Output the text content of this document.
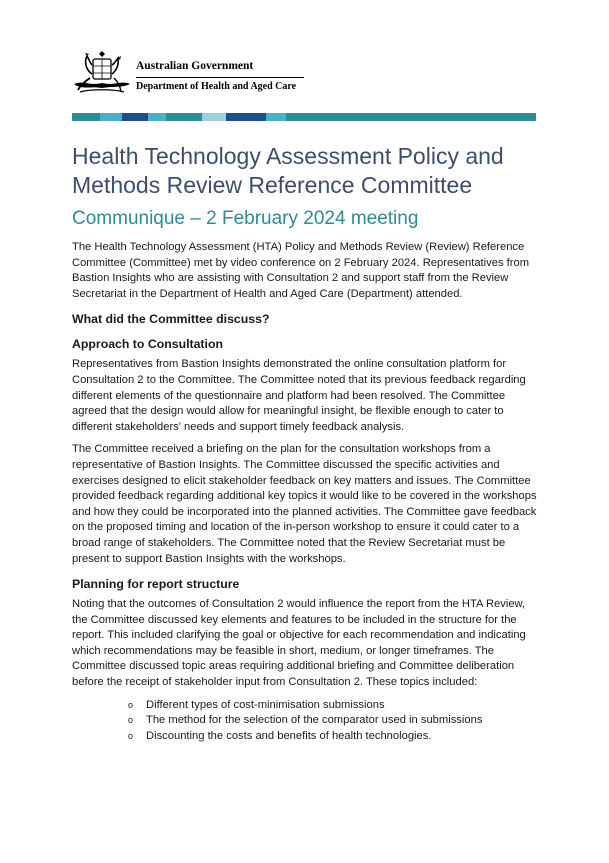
Australian Government
Department of Health and Aged Care
Health Technology Assessment Policy and Methods Review Reference Committee
Communique – 2 February 2024 meeting

The Health Technology Assessment (HTA) Policy and Methods Review (Review) Reference Committee (Committee) met by video conference on 2 February 2024. Representatives from Bastion Insights who are assisting with Consultation 2 and support staff from the Review Secretariat in the Department of Health and Aged Care (Department) attended.

What did the Committee discuss?
Approach to Consultation

Representatives from Bastion Insights demonstrated the online consultation platform for Consultation 2 to the Committee. The Committee noted that its previous feedback regarding different elements of the questionnaire and platform had been resolved. The Committee agreed that the design would allow for meaningful insight, be flexible enough to cater to different stakeholders' needs and support timely feedback analysis.

The Committee received a briefing on the plan for the consultation workshops from a representative of Bastion Insights. The Committee discussed the specific activities and exercises designed to elicit stakeholder feedback on key matters and issues. The Committee provided feedback regarding additional key topics it would like to be covered in the workshops and how they could be incorporated into the planned activities. The Committee gave feedback on the proposed timing and location of the in-person workshop to ensure it could cater to a broad range of stakeholders. The Committee noted that the Review Secretariat must be present to support Bastion Insights with the workshops.

Planning for report structure

Noting that the outcomes of Consultation 2 would influence the report from the HTA Review, the Committee discussed key elements and features to be included in the structure for the report. This included clarifying the goal or objective for each recommendation and indicating which recommendations may be feasible in short, medium, or longer timeframes. The Committee discussed topic areas requiring additional briefing and Committee deliberation before the receipt of stakeholder input from Consultation 2. These topics included:

o Different types of cost-minimisation submissions
o The method for the selection of the comparator used in submissions
o Discounting the costs and benefits of health technologies.
